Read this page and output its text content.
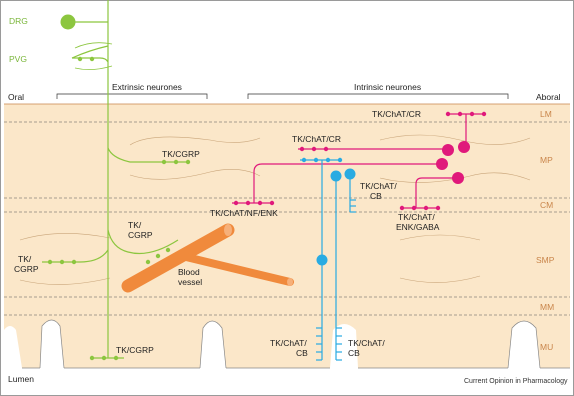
LM
MP
CM
SMP
MM
MU
Oral	Aboral
Lumen
Extrinsic neurones	Intrinsic neurones
DRG
PVG
TK/CGRP
TK/
CGRP
TK/
CGRP
TK/CGRP
Blood
vessel
TK/ChAT/CR
TK/ChAT/CR
TK/ChAT/NF/ENK	TK/ChAT/
ENK/GABA
TK/ChAT/
CB
TK/ChAT/
CB
TK/ChAT/
CB
Current Opinion in Pharmacology
